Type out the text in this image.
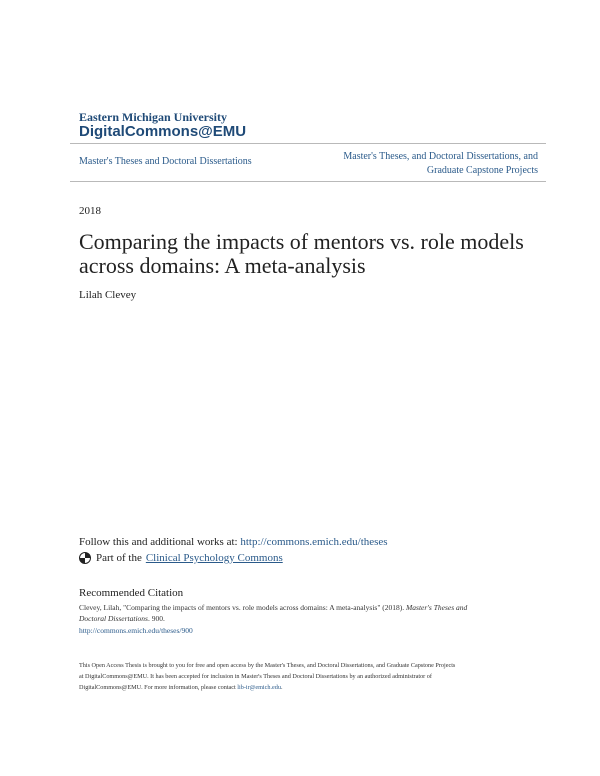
Eastern Michigan University
DigitalCommons@EMU
Master's Theses and Doctoral Dissertations	Master's Theses, and Doctoral Dissertations, and
Graduate Capstone Projects
2018
Comparing the impacts of mentors vs. role models
across domains: A meta-analysis
Lilah Clevey
Follow this and additional works at: http://commons.emich.edu/theses
Part of the Clinical Psychology Commons
Recommended Citation
Clevey, Lilah, "Comparing the impacts of mentors vs. role models across domains: A meta-analysis" (2018). Master's Theses and
Doctoral Dissertations. 900.
http://commons.emich.edu/theses/900
This Open Access Thesis is brought to you for free and open access by the Master's Theses, and Doctoral Dissertations, and Graduate Capstone Projects
at DigitalCommons@EMU. It has been accepted for inclusion in Master's Theses and Doctoral Dissertations by an authorized administrator of
DigitalCommons@EMU. For more information, please contact lib-ir@emich.edu.
